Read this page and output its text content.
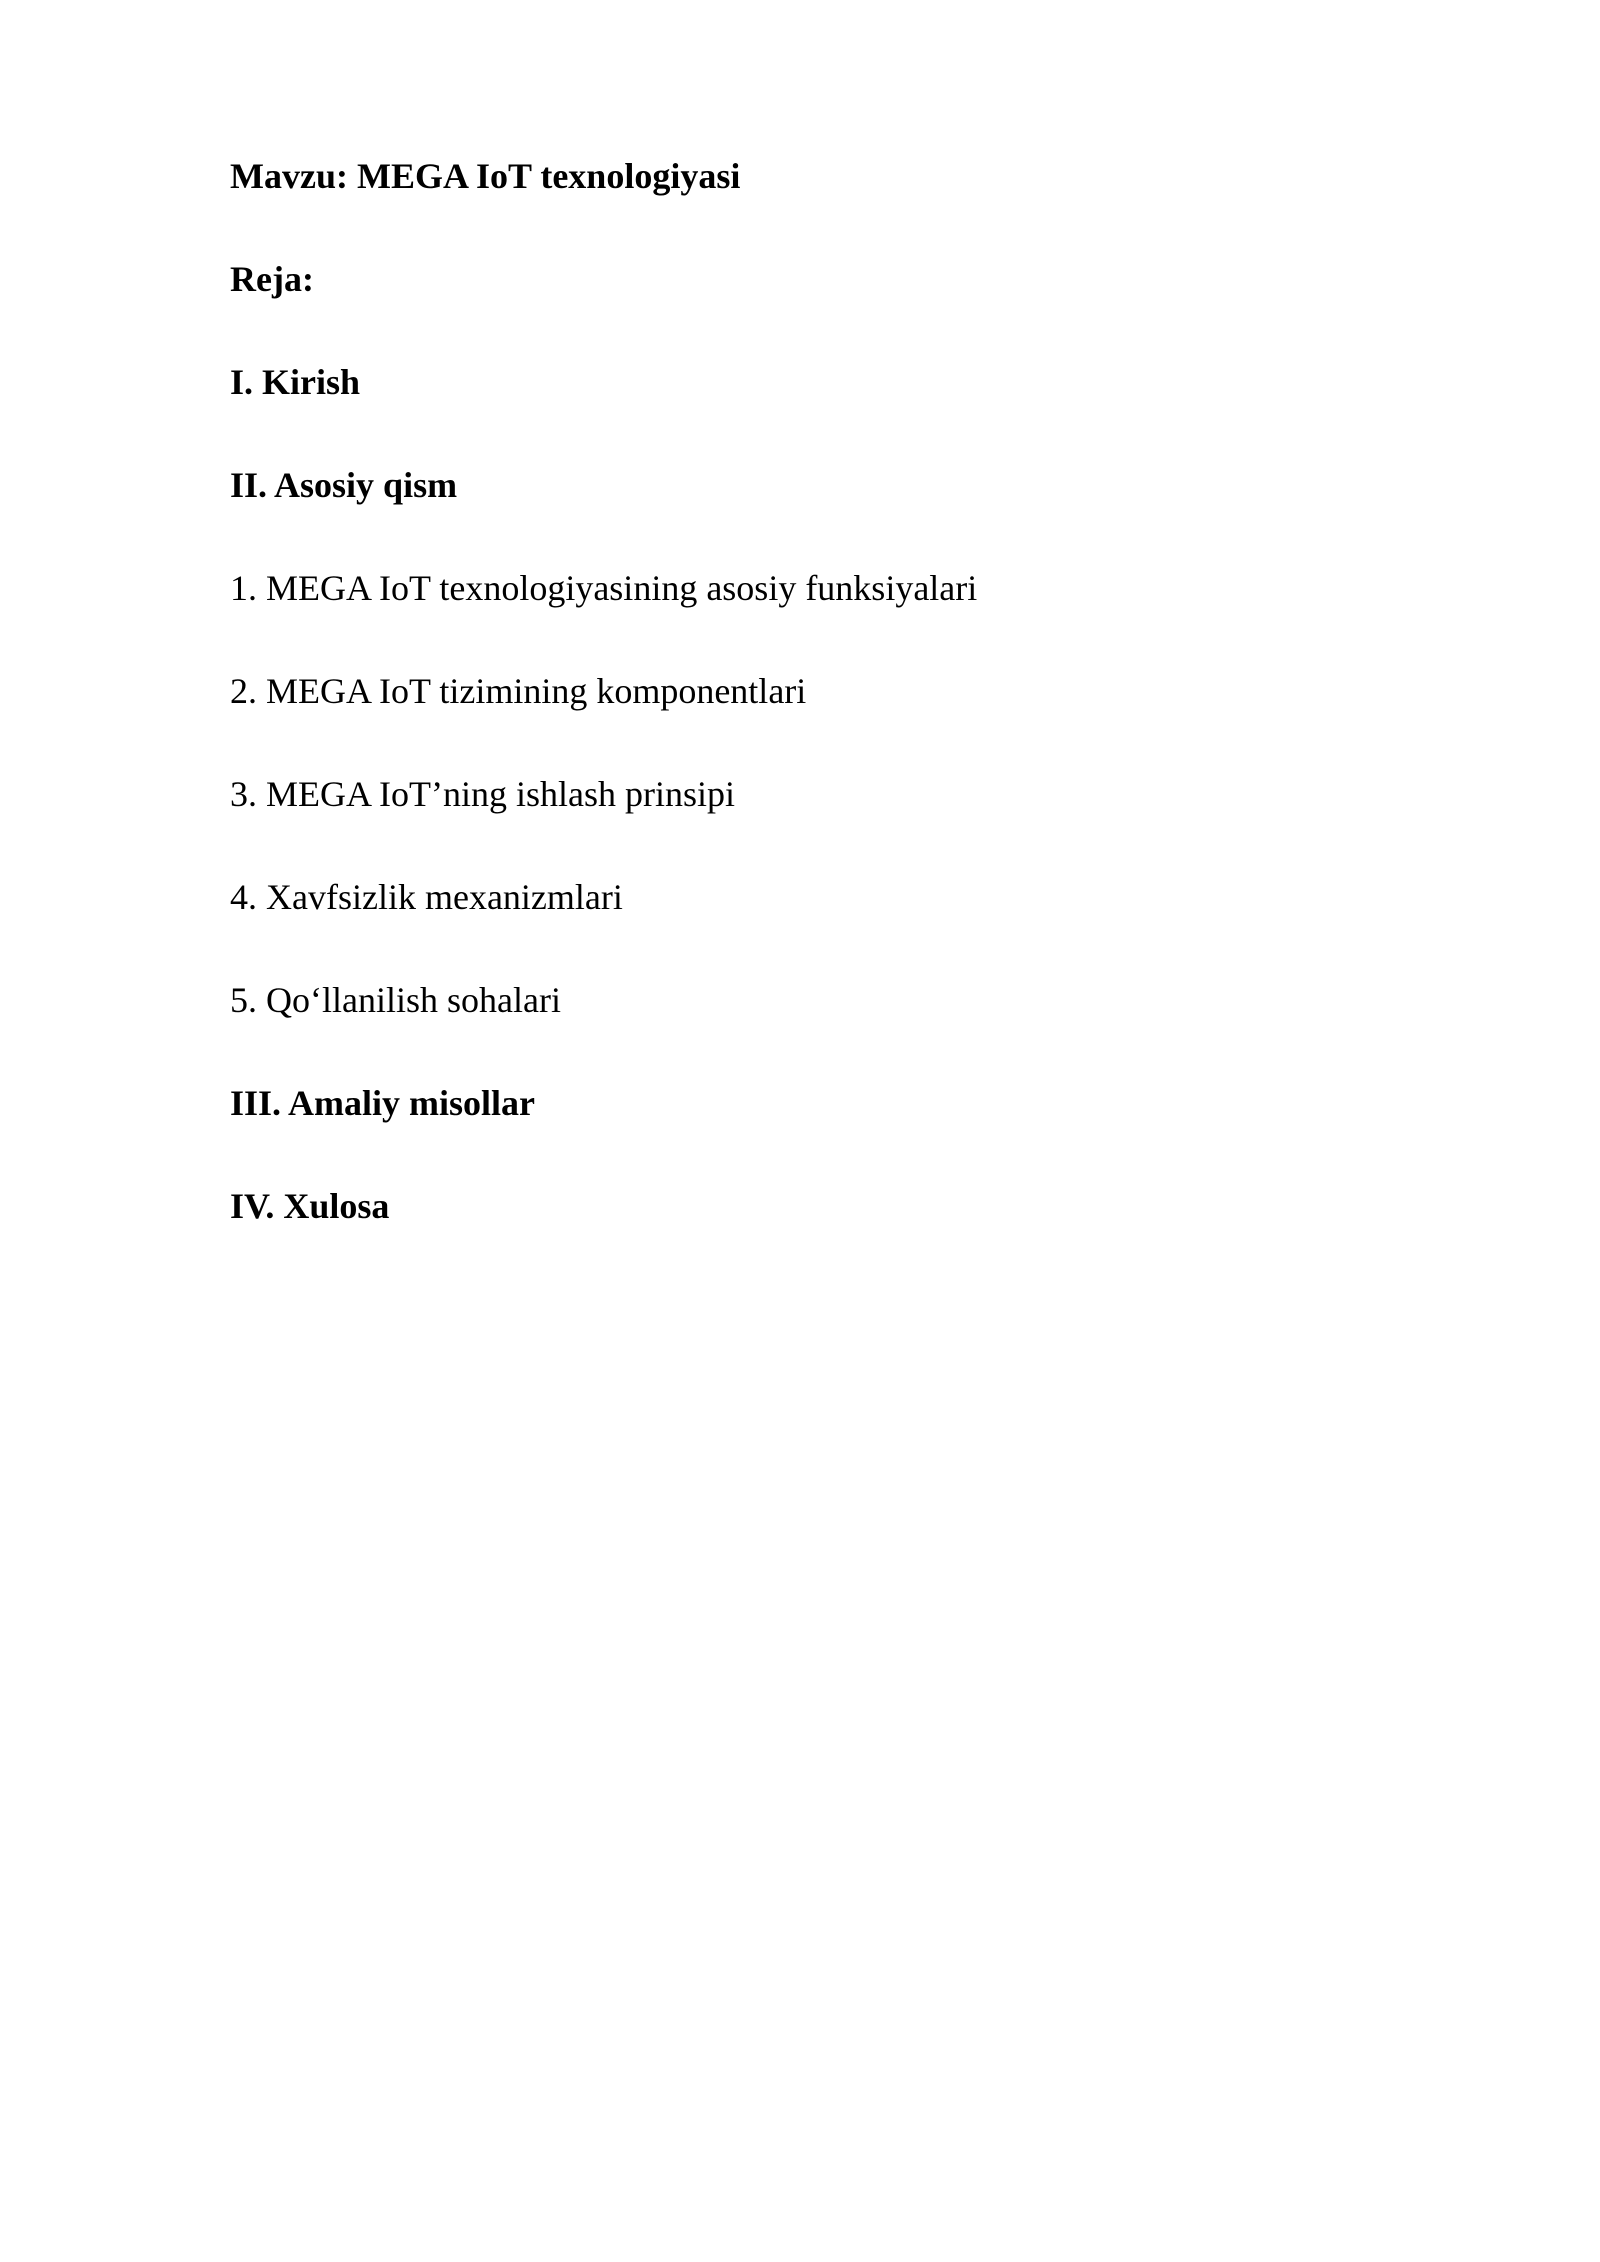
Mavzu: MEGA IoT texnologiyasi
Reja:
I. Kirish
II. Asosiy qism
1. MEGA IoT texnologiyasining asosiy funksiyalari
2. MEGA IoT tizimining komponentlari
3. MEGA IoT’ning ishlash prinsipi
4. Xavfsizlik mexanizmlari
5. Qo‘llanilish sohalari
III. Amaliy misollar
IV. Xulosa
